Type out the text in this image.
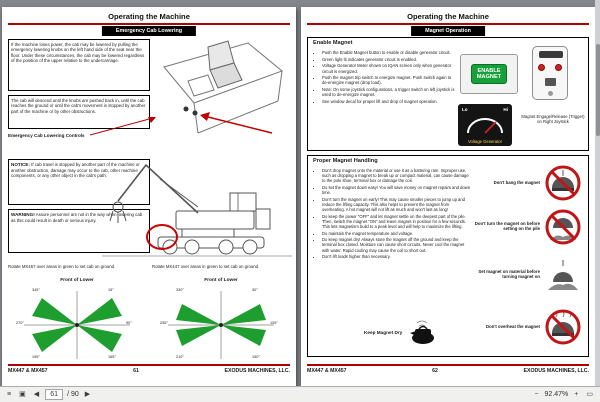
Operating the Machine
Emergency Cab Lowering
If the machine loses power, the cab may be lowered by pulling the emergency lowering knobs on the left hand side of the seat near the floor. Under these circumstances, the cab may be lowered regardless of the position of the upper relative to the undercarriage.
The cab will descend until the knobs are pushed back in, until the cab reaches the ground or until the cab's movement is stopped by another part of the machine or by other obstructions.
Emergency Cab Lowering Controls
NOTICE: If cab travel is stopped by another part of the machine or another obstruction, damage may occur to the cab, other machine components, or any other object in the cab's path.
WARNING! Assure personnel are not in the way when lowering cab as this could result in death or serious injury.
Rotate MX457 over areas in green to set cab on ground.	Rotate MX447 over areas in green to set cab on ground.
Front of Lower	Front of Lower
345°	15°
270°	90°
195°	165°
330°	30°
255°	105°
210°	150°
MX447 & MX457	61	EXODUS MACHINES, LLC.
Operating the Machine
Magnet Operation
Enable Magnet
• Push the Enable Magnet button to enable or disable generator circuit.
• Green light lit indicates generator circuit is enabled.
• Voltage Generator Meter shown on IQAN screen only when generator circuit is energized.
• Push the magnet trip switch to energize magnet. Push switch again to de-energize magnet (drop load).
• Note: On some joystick configurations, a trigger switch on left joystick is used to de-energize magnet.
• See window decal for proper lift and drop of magnet operation.
ENABLE
MAGNET
Lo	Hi
Voltage Generator
Magnet Engage/Release (Trigger) on Right Joystick
Proper Magnet Handling
• Don't drop magnet onto the material or use it as a battering ram. Improper use, such as dropping a magnet to break up or compact material, can cause damage to the pole shoe, terminal box or damage the coil.
• Do set the magnet down easy! You will save money on magnet repairs and down time.
• Don't turn the magnet on early! This may cause smaller pieces to jump up and reduce the lifting capacity. This also helps to prevent the magnet from overheating. A hot magnet will not lift as much and won't last as long!
• Do keep the power "OFF" and let magnet settle on the deepest part of the pile. Then, switch the magnet "ON" and leave magnet in position for a few seconds. This lets magnetism build to a peak level and will help to maximize the lifting.
• Do maintain the magnet temperature and voltage.
• Do keep magnet dry! Always store the magnet off the ground and keep the terminal box closed. Moisture can cause short circuits. Never cool the magnet with water. Rapid cooling may cause the coil to short out.
• Don't lift loads higher than necessary.
Don't bang the magnet
Don't turn the magnet on before setting on the pile
Set magnet on material before turning magnet on
Don't overheat the magnet
Keep Magnet Dry
MX447 & MX457	62	EXODUS MACHINES, LLC.
≡ ▣ ◀	61	/ 90 ▶	− 92.47% + ▭
